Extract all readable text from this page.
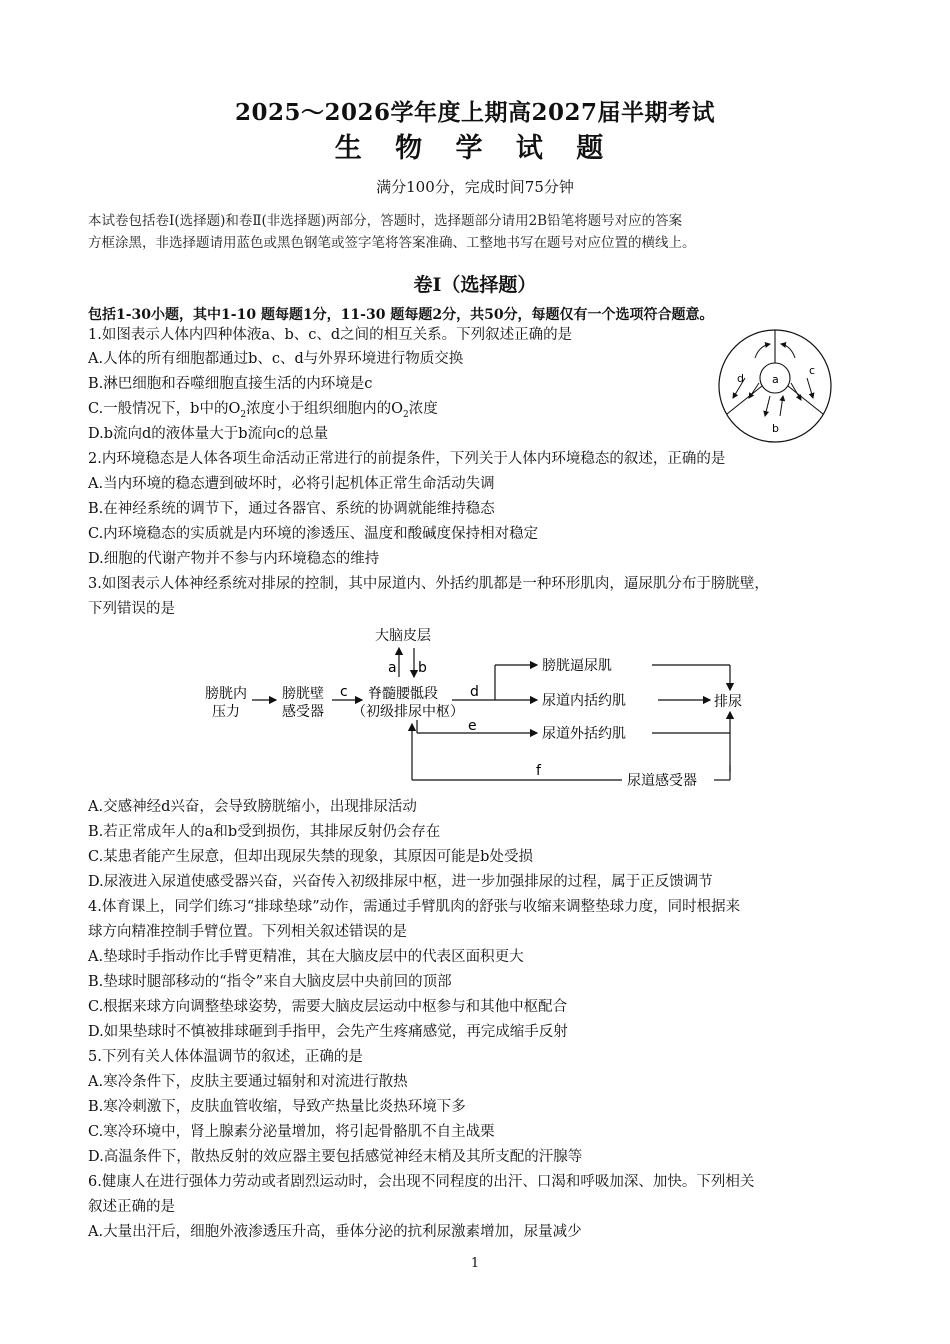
2025～2026学年度上期高2027届半期考试
生 物 学 试 题
满分100分，完成时间75分钟
本试卷包括卷Ⅰ(选择题)和卷Ⅱ(非选择题)两部分，答题时，选择题部分请用2B铅笔将题号对应的答案
方框涂黑，非选择题请用蓝色或黑色钢笔或签字笔将答案准确、工整地书写在题号对应位置的横线上。
卷Ⅰ（选择题）
包括1-30小题，其中1-10 题每题1分，11-30 题每题2分，共50分，每题仅有一个选项符合题意。
1.如图表示人体内四种体液a、b、c、d之间的相互关系。下列叙述正确的是
A.人体的所有细胞都通过b、c、d与外界环境进行物质交换
B.淋巴细胞和吞噬细胞直接生活的内环境是c
C.一般情况下，b中的$O_2$浓度小于组织细胞内的$O_2$浓度
D.b流向d的液体量大于b流向c的总量
a
b
c
d
2.内环境稳态是人体各项生命活动正常进行的前提条件，下列关于人体内环境稳态的叙述，正确的是
A.当内环境的稳态遭到破坏时，必将引起机体正常生命活动失调
B.在神经系统的调节下，通过各器官、系统的协调就能维持稳态
C.内环境稳态的实质就是内环境的渗透压、温度和酸碱度保持相对稳定
D.细胞的代谢产物并不参与内环境稳态的维持
3.如图表示人体神经系统对排尿的控制，其中尿道内、外括约肌都是一种环形肌肉，逼尿肌分布于膀胱壁，
下列错误的是
大脑皮层
a b
膀胱内
压力
膀胱壁
感受器
c 脊髓腰骶段
（初级排尿中枢）
d
膀胱逼尿肌
尿道内括约肌
e	尿道外括约肌
排尿
尿道感受器
f
A.交感神经d兴奋，会导致膀胱缩小，出现排尿活动
B.若正常成年人的a和b受到损伤，其排尿反射仍会存在
C.某患者能产生尿意，但却出现尿失禁的现象，其原因可能是b处受损
D.尿液进入尿道使感受器兴奋，兴奋传入初级排尿中枢，进一步加强排尿的过程，属于正反馈调节
4.体育课上，同学们练习“排球垫球”动作，需通过手臂肌肉的舒张与收缩来调整垫球力度，同时根据来
球方向精准控制手臂位置。下列相关叙述错误的是
A.垫球时手指动作比手臂更精准，其在大脑皮层中的代表区面积更大
B.垫球时腿部移动的“指令”来自大脑皮层中央前回的顶部
C.根据来球方向调整垫球姿势，需要大脑皮层运动中枢参与和其他中枢配合
D.如果垫球时不慎被排球砸到手指甲，会先产生疼痛感觉，再完成缩手反射
5.下列有关人体体温调节的叙述，正确的是
A.寒冷条件下，皮肤主要通过辐射和对流进行散热
B.寒冷刺激下，皮肤血管收缩，导致产热量比炎热环境下多
C.寒冷环境中，肾上腺素分泌量增加，将引起骨骼肌不自主战栗
D.高温条件下，散热反射的效应器主要包括感觉神经末梢及其所支配的汗腺等
6.健康人在进行强体力劳动或者剧烈运动时，会出现不同程度的出汗、口渴和呼吸加深、加快。下列相关
叙述正确的是
A.大量出汗后，细胞外液渗透压升高，垂体分泌的抗利尿激素增加，尿量减少
1
